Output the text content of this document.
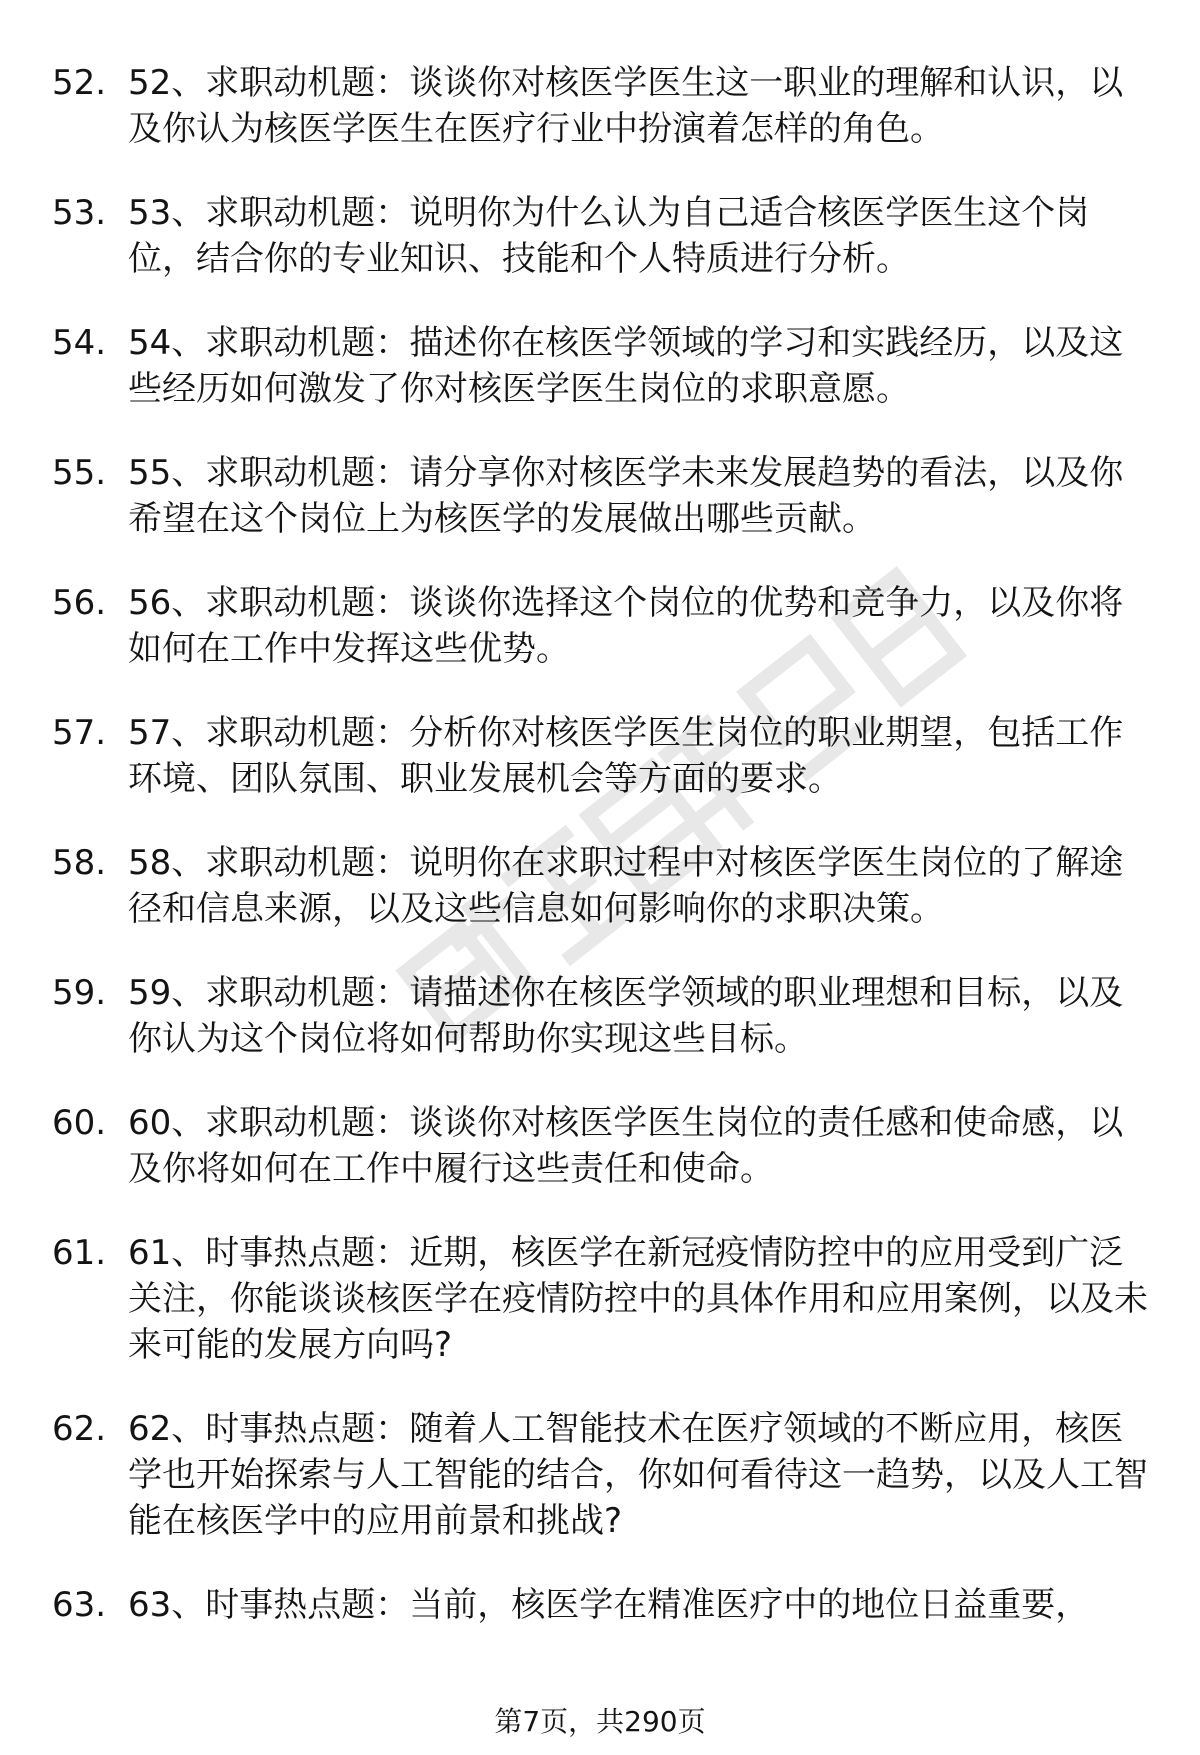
52. 52、求职动机题：谈谈你对核医学医生这一职业的理解和认识，以及你认为核医学医生在医疗行业中扮演着怎样的角色。
53. 53、求职动机题：说明你为什么认为自己适合核医学医生这个岗位，结合你的专业知识、技能和个人特质进行分析。
54. 54、求职动机题：描述你在核医学领域的学习和实践经历，以及这些经历如何激发了你对核医学医生岗位的求职意愿。
55. 55、求职动机题：请分享你对核医学未来发展趋势的看法，以及你希望在这个岗位上为核医学的发展做出哪些贡献。
56. 56、求职动机题：谈谈你选择这个岗位的优势和竞争力，以及你将如何在工作中发挥这些优势。
57. 57、求职动机题：分析你对核医学医生岗位的职业期望，包括工作环境、团队氛围、职业发展机会等方面的要求。
58. 58、求职动机题：说明你在求职过程中对核医学医生岗位的了解途径和信息来源，以及这些信息如何影响你的求职决策。
59. 59、求职动机题：请描述你在核医学领域的职业理想和目标，以及你认为这个岗位将如何帮助你实现这些目标。
60. 60、求职动机题：谈谈你对核医学医生岗位的责任感和使命感，以及你将如何在工作中履行这些责任和使命。
61. 61、时事热点题：近期，核医学在新冠疫情防控中的应用受到广泛关注，你能谈谈核医学在疫情防控中的具体作用和应用案例，以及未来可能的发展方向吗?
62. 62、时事热点题：随着人工智能技术在医疗领域的不断应用，核医学也开始探索与人工智能的结合，你如何看待这一趋势，以及人工智能在核医学中的应用前景和挑战?
63. 63、时事热点题：当前，核医学在精准医疗中的地位日益重要，
第7页，共290页
